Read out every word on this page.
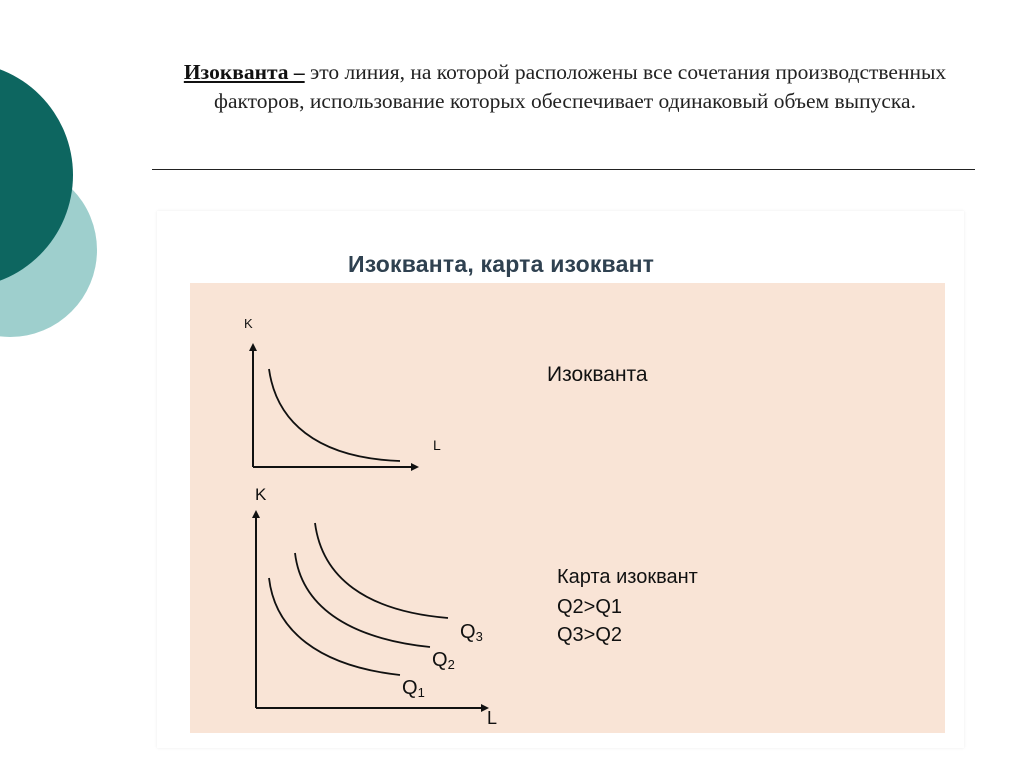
Изокванта – это линия, на которой расположены все сочетания производственных факторов, использование которых обеспечивает одинаковый объем выпуска.
Изокванта, карта изоквант
K
L
Изокванта
K
L
$Q_1$
$Q_2$
$Q_3$
Карта изоквант
Q2>Q1
Q3>Q2
